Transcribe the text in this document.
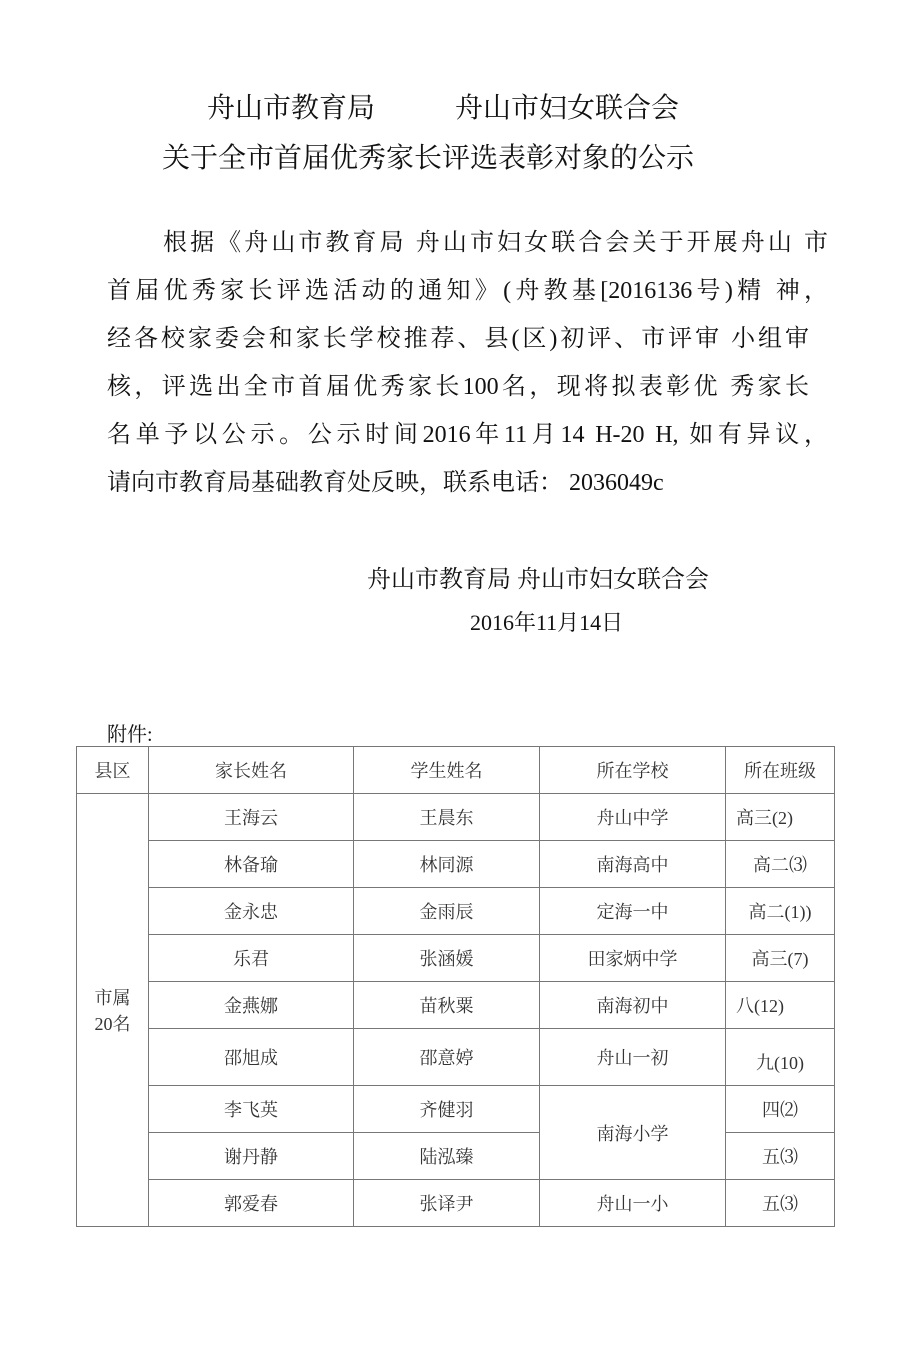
舟山市教育局	舟山市妇女联合会
关于全市首届优秀家长评选表彰对象的公示
根据《舟山市教育局 舟山市妇女联合会关于开展舟山 市
首届优秀家长评选活动的通知》(舟教基[2016136号)精 神，
经各校家委会和家长学校推荐、县(区)初评、市评审 小组审
核，评选出全市首届优秀家长100名，现将拟表彰优 秀家长
名单予以公示。公示时间2016年11月14 H-20 H, 如有异议，
请向市教育局基础教育处反映，联系电话： 2036049c
舟山市教育局 舟山市妇女联合会
2016年11月14日
附件:
县区	家长姓名	学生姓名	所在学校	所在班级
市属
20名	王海云	王晨东	舟山中学	高三(2)
	林备瑜	林同源	南海高中	高二⑶
	金永忠	金雨辰	定海一中	高二(1))
	乐君	张涵媛	田家炳中学	高三(7)
	金燕娜	苗秋粟	南海初中	八(12)
	邵旭成	邵意婷	舟山一初	九(10)
	李飞英	齐健羽	南海小学	四⑵
	谢丹静	陆泓臻		五⑶
	郭爱春	张译尹	舟山一小	五⑶
